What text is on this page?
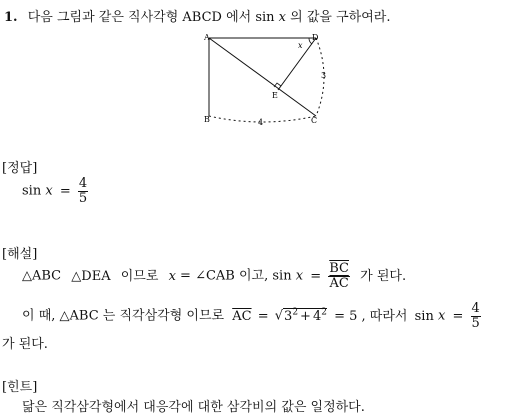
1. 다음 그림과 같은 직사각형 ABCD 에서 sin x 의 값을 구하여라.
A	D
B	C
E
x
3
4
[정답]
$\sin x = \frac{4}{5}$
[해설]
△ABC △DEA 이므로 x = ∠CAB 이고, $\sin x = \frac{\overline{BC}}{AC}$ 가 된다.
이 때, △ABC 는 직각삼각형 이므로 $\overline{AC} = √3^2 + 4^2 = 5$ , 따라서 $\sin x = \frac{4}{5}$
가 된다.
[힌트]
닮은 직각삼각형에서 대응각에 대한 삼각비의 값은 일정하다.
